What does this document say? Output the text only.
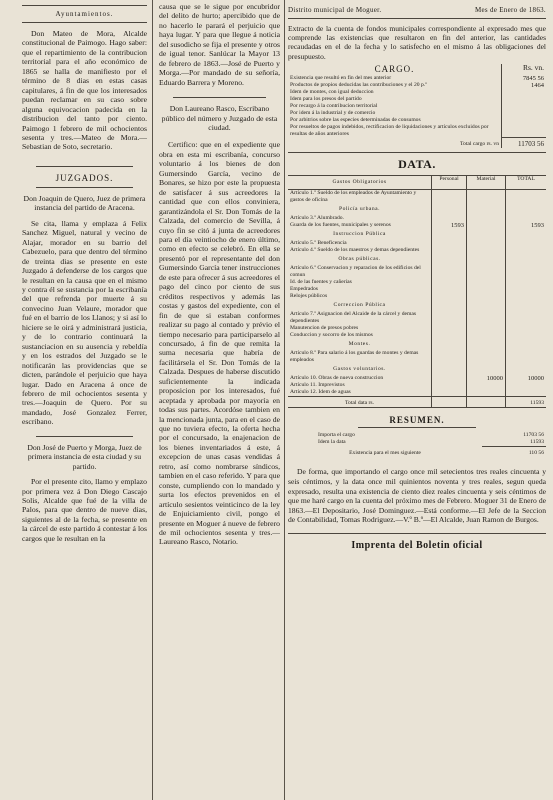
Ayuntamientos.

Don Mateo de Mora, Alcalde constitucional de Paimogo. Hago saber: que el repartimiento de la contribucion territorial para el año económico de 1865 se halla de manifiesto por el término de 8 dias en estas casas capitulares, á fin de que los interesados puedan reclamar en su caso sobre alguna equivocacion padecida en la distribucion del tanto por ciento. Paimogo 1 febrero de mil ochocientos sesenta y tres.—Mateo de Mora.—Sebastian de Soto, secretario.

JUZGADOS.

Don Joaquin de Quero, Juez de primera instancia del partido de Aracena.

Se cita, llama y emplaza á Felix Sanchez Miguel, natural y vecino de Alajar, morador en su barrio del Cabezuelo, para que dentro del término de treinta dias se presente en este Juzgado á defenderse de los cargos que le resultan en la causa que en el mismo y contra él se sustancia por la escribanía del que refrenda por muerte á su convecino Juan Velaure, morador que fué en el barrio de los Llanos; y si así lo hiciere se le oirá y administrará justicia, y de lo contrario continuará la sustanciacion en su ausencia y rebeldía y en los estrados del Juzgado se le notificarán las providencias que se dicten, parándole el perjuicio que haya lugar. Dado en Aracena á once de febrero de mil ochocientos sesenta y tres.—Joaquin de Quero. Por su mandado, José Gonzalez Ferrer, escribano.

Don José de Puerto y Morga, Juez de primera instancia de esta ciudad y su partido.

Por el presente cito, llamo y emplazo por primera vez á Don Diego Cascajo Solis, Alcalde que fué de la villa de Palos, para que dentro de nueve dias, siguientes al de la fecha, se presente en la cárcel de este partido á contestar á los cargos que le resultan en la

causa que se le sigue por encubridor del delito de hurto; apercibido que de no hacerlo le parará el perjuicio que haya lugar. Y para que llegue á noticia del susodicho se fija el presente y otros de igual tenor. Sanlúcar la Mayor 13 de febrero de 1863.—José de Puerto y Morga.—Por mandado de su señoría, Eduardo Barrera y Moreno.

Don Laureano Rasco, Escribano público del número y Juzgado de esta ciudad.

Certifico: que en el expediente que obra en esta mi escribanía, concurso voluntario á los bienes de don Gumersindo García, vecino de Bonares, se hizo por este la propuesta de satisfacer á sus acreedores la cantidad que con ellos conviniera, garantizándola el Sr. Don Tomás de la Calzada, del comercio de Sevilla, á cuyo fin se citó á junta de acreedores para el día veintiocho de enero último, como en efecto se celebró. En ella se presentó por el representante del don Gumersindo García tener instrucciones de este para ofrecer á sus acreedores el pago del cinco por ciento de sus créditos respectivos y además las costas y gastos del expediente, con el fin de que si estaban conformes realizar su pago al contado y prévio el tiempo necesario para participarselo al concursado, á fin de que remita la suma necesaria que habría de facilitársela el Sr. Don Tomás de la Calzada. Despues de haberse discutido suficientemente la indicada proposicion por los interesados, fué aceptada y aprobada por mayoría en todas sus partes. Acordóse tambien en la mencionada junta, para en el caso de que no tuviera efecto, la oferta hecha por el concursado, la enajenacion de los bienes inventariados á este, á excepcion de unas casas vendidas á retro, así como nombrarse síndicos, tambien en el caso referido. Y para que conste, cumpliendo con lo mandado y surta los efectos prevenidos en el artículo sesientos veinticinco de la ley de Enjuiciamiento civil, pongo el presente en Moguer á nueve de febrero de mil ochocientos sesenta y tres.—Laureano Rasco, Notario.

Distrito municipal de Moguer.	Mes de Enero de 1863.

Extracto de la cuenta de fondos municipales correspondiente al expresado mes que comprende las existencias que resultaron en fin del anterior, las cantidades recaudadas en el de la fecha y lo satisfecho en el mismo á las obligaciones del presupuesto.

CARGO.	Rs. vn.
Existencia que resultó en fin del mes anterior	7845 56
Productos de propios deducidas las contribuciones y el 20 p.º	1464
Idem de montes, con igual deduccion	
Idem para los presos del partido	
Por recargo á la contribucion territorial	
Por idem á la industrial y de comercio	
Por arbitrios sobre las especies determinadas de consumos	
Por resueltos de pagos indebidos, rectificacion de liquidaciones y artículos excluidos por resultas de años anteriores	
Total cargo rs. vn	11703 56

DATA.

Gastos Obligatorios	Personal	Material	TOTAL
Artículo 1.º Sueldo de los empleados de Ayuntamiento y gastos de oficina			
Policía urbana.			
Artículo 3.º Alumbrado.			
Guarda de los fuentes, municipales y serenos	1593		1593
Instruccion Pública			
Artículo 5.º Beneficencia			
Artículo 4.º Sueldo de los maestros y demas dependientes			
Obras públicas.			
Artículo 6.º Conservacion y reparacion de los edificios del comun			
Id. de las fuentes y cañerías			
Empedrados			
Relojes públicos			
Correccion Pública			
Artículo 7.º Asignacion del Alcaide de la cárcel y demas dependientes			
Manutencion de presos pobres			
Conduccion y socorro de los mismos			
Montes.			
Artículo 8.º Para salario á los guardas de montes y demas empleados			
Gastos voluntarios.			
Artículo 10. Obras de nueva construccion		10000	10000
Artículo 11. Imprevistos			
Artículo 12. Idem de aguas			
Total data rs.			11593

RESUMEN.

Importa el cargo	11703 56
Idem la data	11593
Existencia para el mes siguiente	110 56

De forma, que importando el cargo once mil setecientos tres reales cincuenta y seis céntimos, y la data once mil quinientos noventa y tres reales, segun queda expresado, resulta una existencia de ciento diez reales cincuenta y seis céntimos de que me haré cargo en la cuenta del próximo mes de Febrero. Moguer 31 de Enero de 1863.—El Depositario, José Dominguez.—Está conforme.—El Jefe de la Seccion de Contabilidad, Tomas Rodriguez.—V.º B.º—El Alcalde, Juan Ramon de Burgos.

Imprenta del Boletin oficial
